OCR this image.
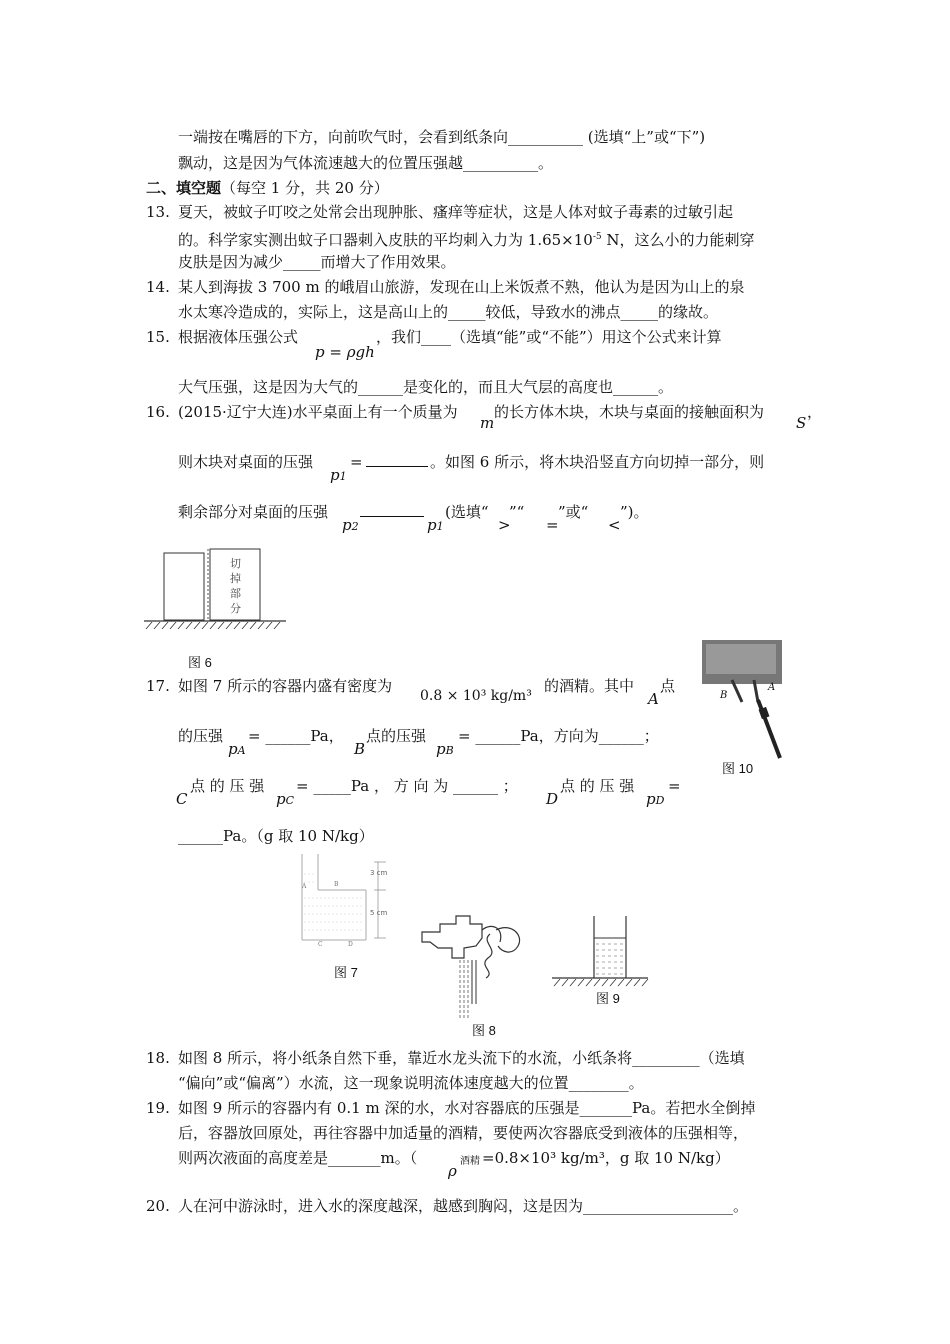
一端按在嘴唇的下方，向前吹气时，会看到纸条向__________ (选填“上”或“下”)
飘动，这是因为气体流速越大的位置压强越__________。
二、填空题（每空 1 分，共 20 分）
13. 夏天，被蚊子叮咬之处常会出现肿胀、瘙痒等症状，这是人体对蚊子毒素的过敏引起
的。科学家实测出蚊子口器刺入皮肤的平均刺入力为 $1.65\times 10^{-5}$ N，这么小的力能刺穿
皮肤是因为减少_____而增大了作用效果。
14. 某人到海拔 3 700 m 的峨眉山旅游，发现在山上米饭煮不熟，他认为是因为山上的泉
水太寒冷造成的，实际上，这是高山上的_____较低，导致水的沸点_____的缘故。
15. 根据液体压强公式
p = ρgh
，我们____（选填“能”或“不能”）用这个公式来计算
大气压强，这是因为大气的______是变化的，而且大气层的高度也______。
16. (2015·辽宁大连)水平桌面上有一个质量为
m
的长方体木块，木块与桌面的接触面积为
S
，
则木块对桌面的压强
p1
=	。如图 6 所示，将木块沿竖直方向切掉一部分，则
剩余部分对桌面的压强
p2	p1
(选填“
>
”“
=
”或“
<
”)。
切掉部分
图 6
17. 如图 7 所示的容器内盛有密度为
0.8 × 10³ kg/m³
的酒精。其中
A
点
的压强
pA
= ______Pa，
B
点的压强
pB
= ______Pa，方向为______；
C
点 的 压 强
pC
= _____Pa ， 方 向 为 ______ ；
D
点 的 压 强
pD
=
______Pa。（g 取 10 N/kg）
B
A
图 10
A	B
C	D
3 cm
5 cm
图 7
图 8
图 9
18. 如图 8 所示，将小纸条自然下垂，靠近水龙头流下的水流，小纸条将_________（选填
“偏向”或“偏离”）水流，这一现象说明流体速度越大的位置________。
19. 如图 9 所示的容器内有 0.1 m 深的水，水对容器底的压强是_______Pa。若把水全倒掉
后，容器放回原处，再往容器中加适量的酒精，要使两次容器底受到液体的压强相等，
则两次液面的高度差是_______m。（
ρ
酒精 =0.8×10³ kg/m³，g 取 10 N/kg）
20. 人在河中游泳时，进入水的深度越深，越感到胸闷，这是因为____________________。
